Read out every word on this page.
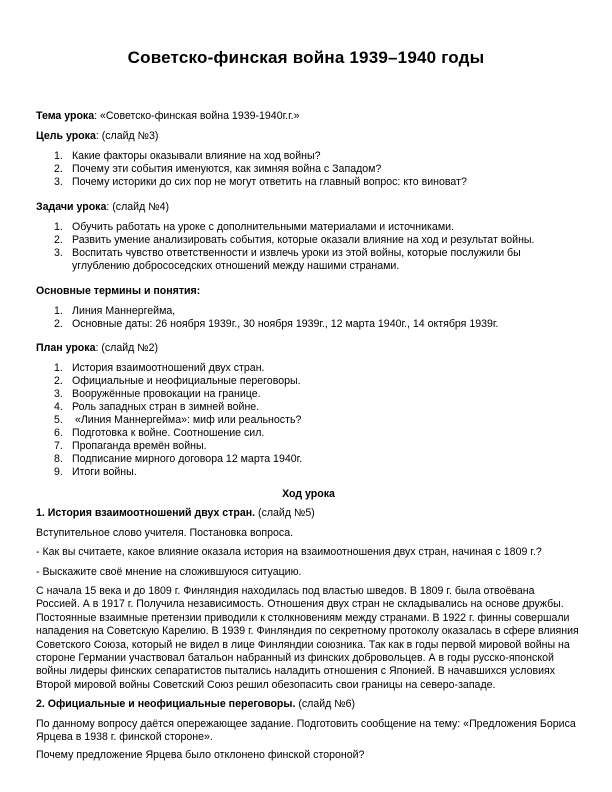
Советско-финская война 1939–1940 годы
Тема урока: «Советско-финская война 1939-1940г.г.»
Цель урока: (слайд №3)
1. Какие факторы оказывали влияние на ход войны?
2. Почему эти события именуются, как зимняя война с Западом?
3. Почему историки до сих пор не могут ответить на главный вопрос: кто виноват?
Задачи урока: (слайд №4)
1. Обучить работать на уроке с дополнительными материалами и источниками.
2. Развить умение анализировать события, которые оказали влияние на ход и результат войны.
3. Воспитать чувство ответственности и извлечь уроки из этой войны, которые послужили бы углублению добрососедских отношений между нашими странами.
Основные термины и понятия:
1. Линия Маннергейма,
2. Основные даты: 26 ноября 1939г., 30 ноября 1939г., 12 марта 1940г., 14 октября 1939г.
План урока: (слайд №2)
1. История взаимоотношений двух стран.
2. Официальные и неофициальные переговоры.
3. Вооружённые провокации на границе.
4. Роль западных стран в зимней войне.
5. «Линия Маннергейма»: миф или реальность?
6. Подготовка к войне. Соотношение сил.
7. Пропаганда времён войны.
8. Подписание мирного договора 12 марта 1940г.
9. Итоги войны.
Ход урока
1. История взаимоотношений двух стран. (слайд №5)
Вступительное слово учителя. Постановка вопроса.
- Как вы считаете, какое влияние оказала история на взаимоотношения двух стран, начиная с 1809 г.?
- Выскажите своё мнение на сложившуюся ситуацию.
С начала 15 века и до 1809 г. Финляндия находилась под властью шведов. В 1809 г. была отвоёвана Россией. А в 1917 г. Получила независимость. Отношения двух стран не складывались на основе дружбы. Постоянные взаимные претензии приводили к столкновениям между странами. В 1922 г. финны совершали нападения на Советскую Карелию. В 1939 г. Финляндия по секретному протоколу оказалась в сфере влияния Советского Союза, который не видел в лице Финляндии союзника. Так как в годы первой мировой войны на стороне Германии участвовал батальон набранный из финских добровольцев. А в годы русско-японской войны лидеры финских сепаратистов пытались наладить отношения с Японией. В начавшихся условиях Второй мировой войны Советский Союз решил обезопасить свои границы на северо-западе.
2. Официальные и неофициальные переговоры. (слайд №6)
По данному вопросу даётся опережающее задание. Подготовить сообщение на тему: «Предложения Бориса Ярцева в 1938 г. финской стороне».
Почему предложение Ярцева было отклонено финской стороной?
